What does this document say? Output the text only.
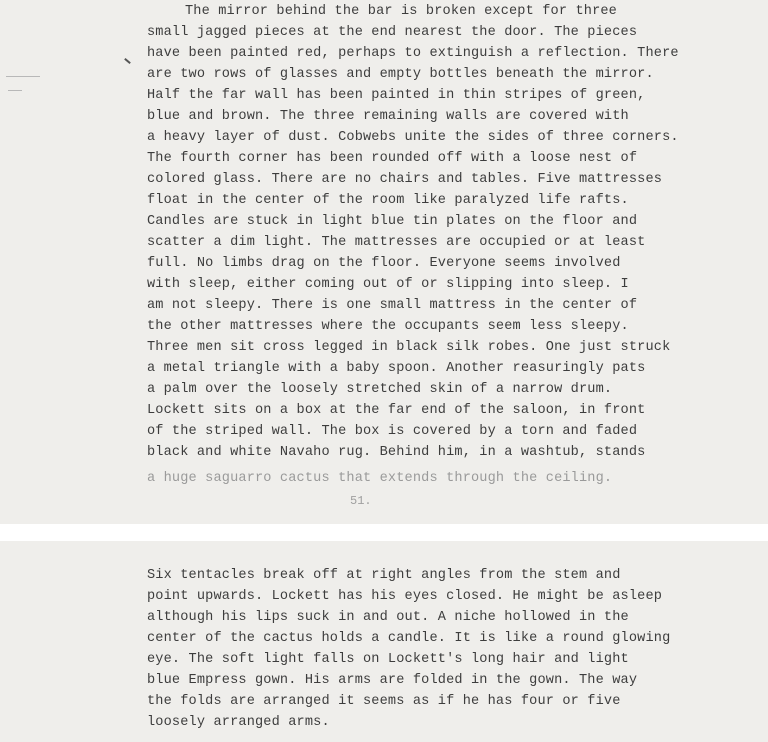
The mirror behind the bar is broken except for three
small jagged pieces at the end nearest the door. The pieces
have been painted red, perhaps to extinguish a reflection. There
are two rows of glasses and empty bottles beneath the mirror.
Half the far wall has been painted in thin stripes of green,
blue and brown. The three remaining walls are covered with
a heavy layer of dust. Cobwebs unite the sides of three corners.
The fourth corner has been rounded off with a loose nest of
colored glass. There are no chairs and tables. Five mattresses
float in the center of the room like paralyzed life rafts.
Candles are stuck in light blue tin plates on the floor and
scatter a dim light. The mattresses are occupied or at least
full. No limbs drag on the floor. Everyone seems involved
with sleep, either coming out of or slipping into sleep. I
am not sleepy. There is one small mattress in the center of
the other mattresses where the occupants seem less sleepy.
Three men sit cross legged in black silk robes. One just struck
a metal triangle with a baby spoon. Another reasuringly pats
a palm over the loosely stretched skin of a narrow drum.
Lockett sits on a box at the far end of the saloon, in front
of the striped wall. The box is covered by a torn and faded
black and white Navaho rug. Behind him, in a washtub, stands
a huge saguarro cactus that extends through the ceiling.
51.
Six tentacles break off at right angles from the stem and
point upwards. Lockett has his eyes closed. He might be asleep
although his lips suck in and out. A niche hollowed in the
center of the cactus holds a candle. It is like a round glowing
eye. The soft light falls on Lockett's long hair and light
blue Empress gown. His arms are folded in the gown. The way
the folds are arranged it seems as if he has four or five
loosely arranged arms.
